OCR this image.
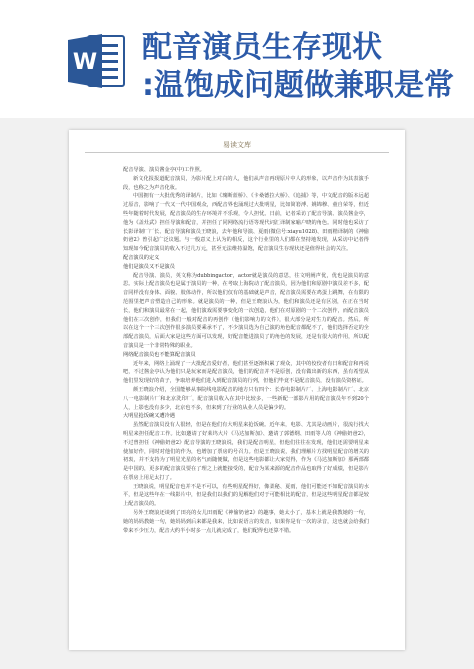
W 配音演员生存现状
:温饱成问题做兼职是常
易读文库

配音导演、演员酱金亭(中)工作照。

新文化报报道配音演员，为影片配上对白的人，他们从声音再现原片中人的形象，以声音作为其表演手段，也称之为声音化妆。

中国拥有一大批优秀的译制片，比如《瑰断蓝桥》、《卡桑德拉大桥》、《追捕》等，中文配音的版本远超过原音，影响了一代又一代中国观众，西配音界也涌现过大批明星，比如简箬溥、姚锦穆、童自荣等，但近些年随着时代发展，配音演员的生存环境并不乐观，令人担忧。日前，记者采访了配音导演、演员酱金亭，他为《盖灶武》担任导演和配音，并担任了同网络流行语等现代词汇译制家喻户晓的角色。同时他也采访了长影译制厂厂长、配音导演和演员王晓浪，去年他和导演、夏雨(微信号:xiayu1028)、田雨楷译制的《神偷奶爸2》曾引起广泛议题。与一般意义上认为的相反，这个行业里的人们都在坚持地发现，从采访中记者得知现如今配音演员的收入不过几万元，甚至无法维持温饱，配音演员生存现状还是值得社会的关注。

配音演员的定义

他们是演员又不是演员

配音导演、演员，英文称为dubbingactor，actor就是演员的意思，往文明阐声优，优也是演员的意思。实际上配音演员也是属于演员的一种，在考取上海院动了配音演员，因为他们和原剧中演员差不多，配音同样没有身体、面貌、肢体动作，所以他们仅有的基础就是声音，配音演员需要在鸡蛋上跳舞，在有限的范围里把声音塑造自己的形象。就是演员的一种，但是王晓浪认为，他们和演员还是有区别，在正在当时长，他们和演员最常在一起，他们演戏需要事变化的一次创造，他们在对原剧的一个二次创作，而配音演员他们在三次创作，但我们一般对配音的再创作（他们影响力的文件），很大部分是对生力的配音。然后。所以在这个一个三次创作很多演员要乘承不了，不少演员选为自己演的角色配音都配不了，他们选择否定的全部配音演员，后面大家是这些方面可以发现，好配音能进演员了的角色的发展，还是有很大的作用，所以配音演员是一个非常特殊的职业。

网络配音演员也不能算配音演员

近年来，网络上涌现了一大批配音爱好者，他们甚至逐渐积累了观众，其中的佼佼者有日和配音和再说吧，不过酱金亭认为他们只是玩家而是配音演员，他们的配音并不是原创，没有做出新的东西，虽有希望从他们里发现好的苗子，争取培养他们进入到配音演员的行列，但他们毕竟不是配音演员，没有演员资格证。

颜王晓浪介绍，全国能够从事院线电影配音的地方只有四个：长春电影制片厂、上海电影制片厂、北京八一电影制片厂和北京洗印厂，配音演员收入在其中比较多，一些新配一部影片用的配音演员年不到20个人，上影也没有多少，北京也不多，但来到了行业的从业人员是偏少的。

大明星抢饭碗又遭冷遇

虽然配音演员没有人很轻，但是在他们有大明星来抢饭碗。近年来，电影、尤其是动画片，很流行找大明星来担任配音工作。比如邀请了好莱坞大片《马达加斯加》、邀请了郭德纲、田雨等人的《神偷奶爸2》，不过曾担任《神偷奶爸2》配音导演的王晓浪说，我们是配音明星，但他们往往在发现，他们还需要明星来使加好作，同时对他们的作为，也增加了票房的号召力。但是王晓浪说，我们理解片方找明星配音的增关的初衷，并不支持为了明星光星的名气而随便做，但是这些电影都让大家觉得，作为《马达加斯加》那两部都是中国的，更多的配音演员要在了理之上就能接受的，配音为某来源的配音作品也取得了好成绩，但是影片在票房上用足太打了。

王晓浪说，明星配音也并不是不可以，有些明星配得好，像柔秘、夏雨，他们可能还不如配音演员的水平，但是这些年在一线影片中，但是我们以我们的见解他们对于可能相比的配音，但是这些明星配音都是较上配音演员的。

另外王晓浪还谈到了田亮的女儿田雨配《神偷奶爸2》的趣事，她太小了，基本上就是我教她的一句，她的妈妈教她一句，她妈妈到后来都是我来，比如说语言的发音，如果你是有一次的录音，这也就会给我们带来不少压力，配音大约半小时多一点儿就完成了，他们配得也还算不错。
